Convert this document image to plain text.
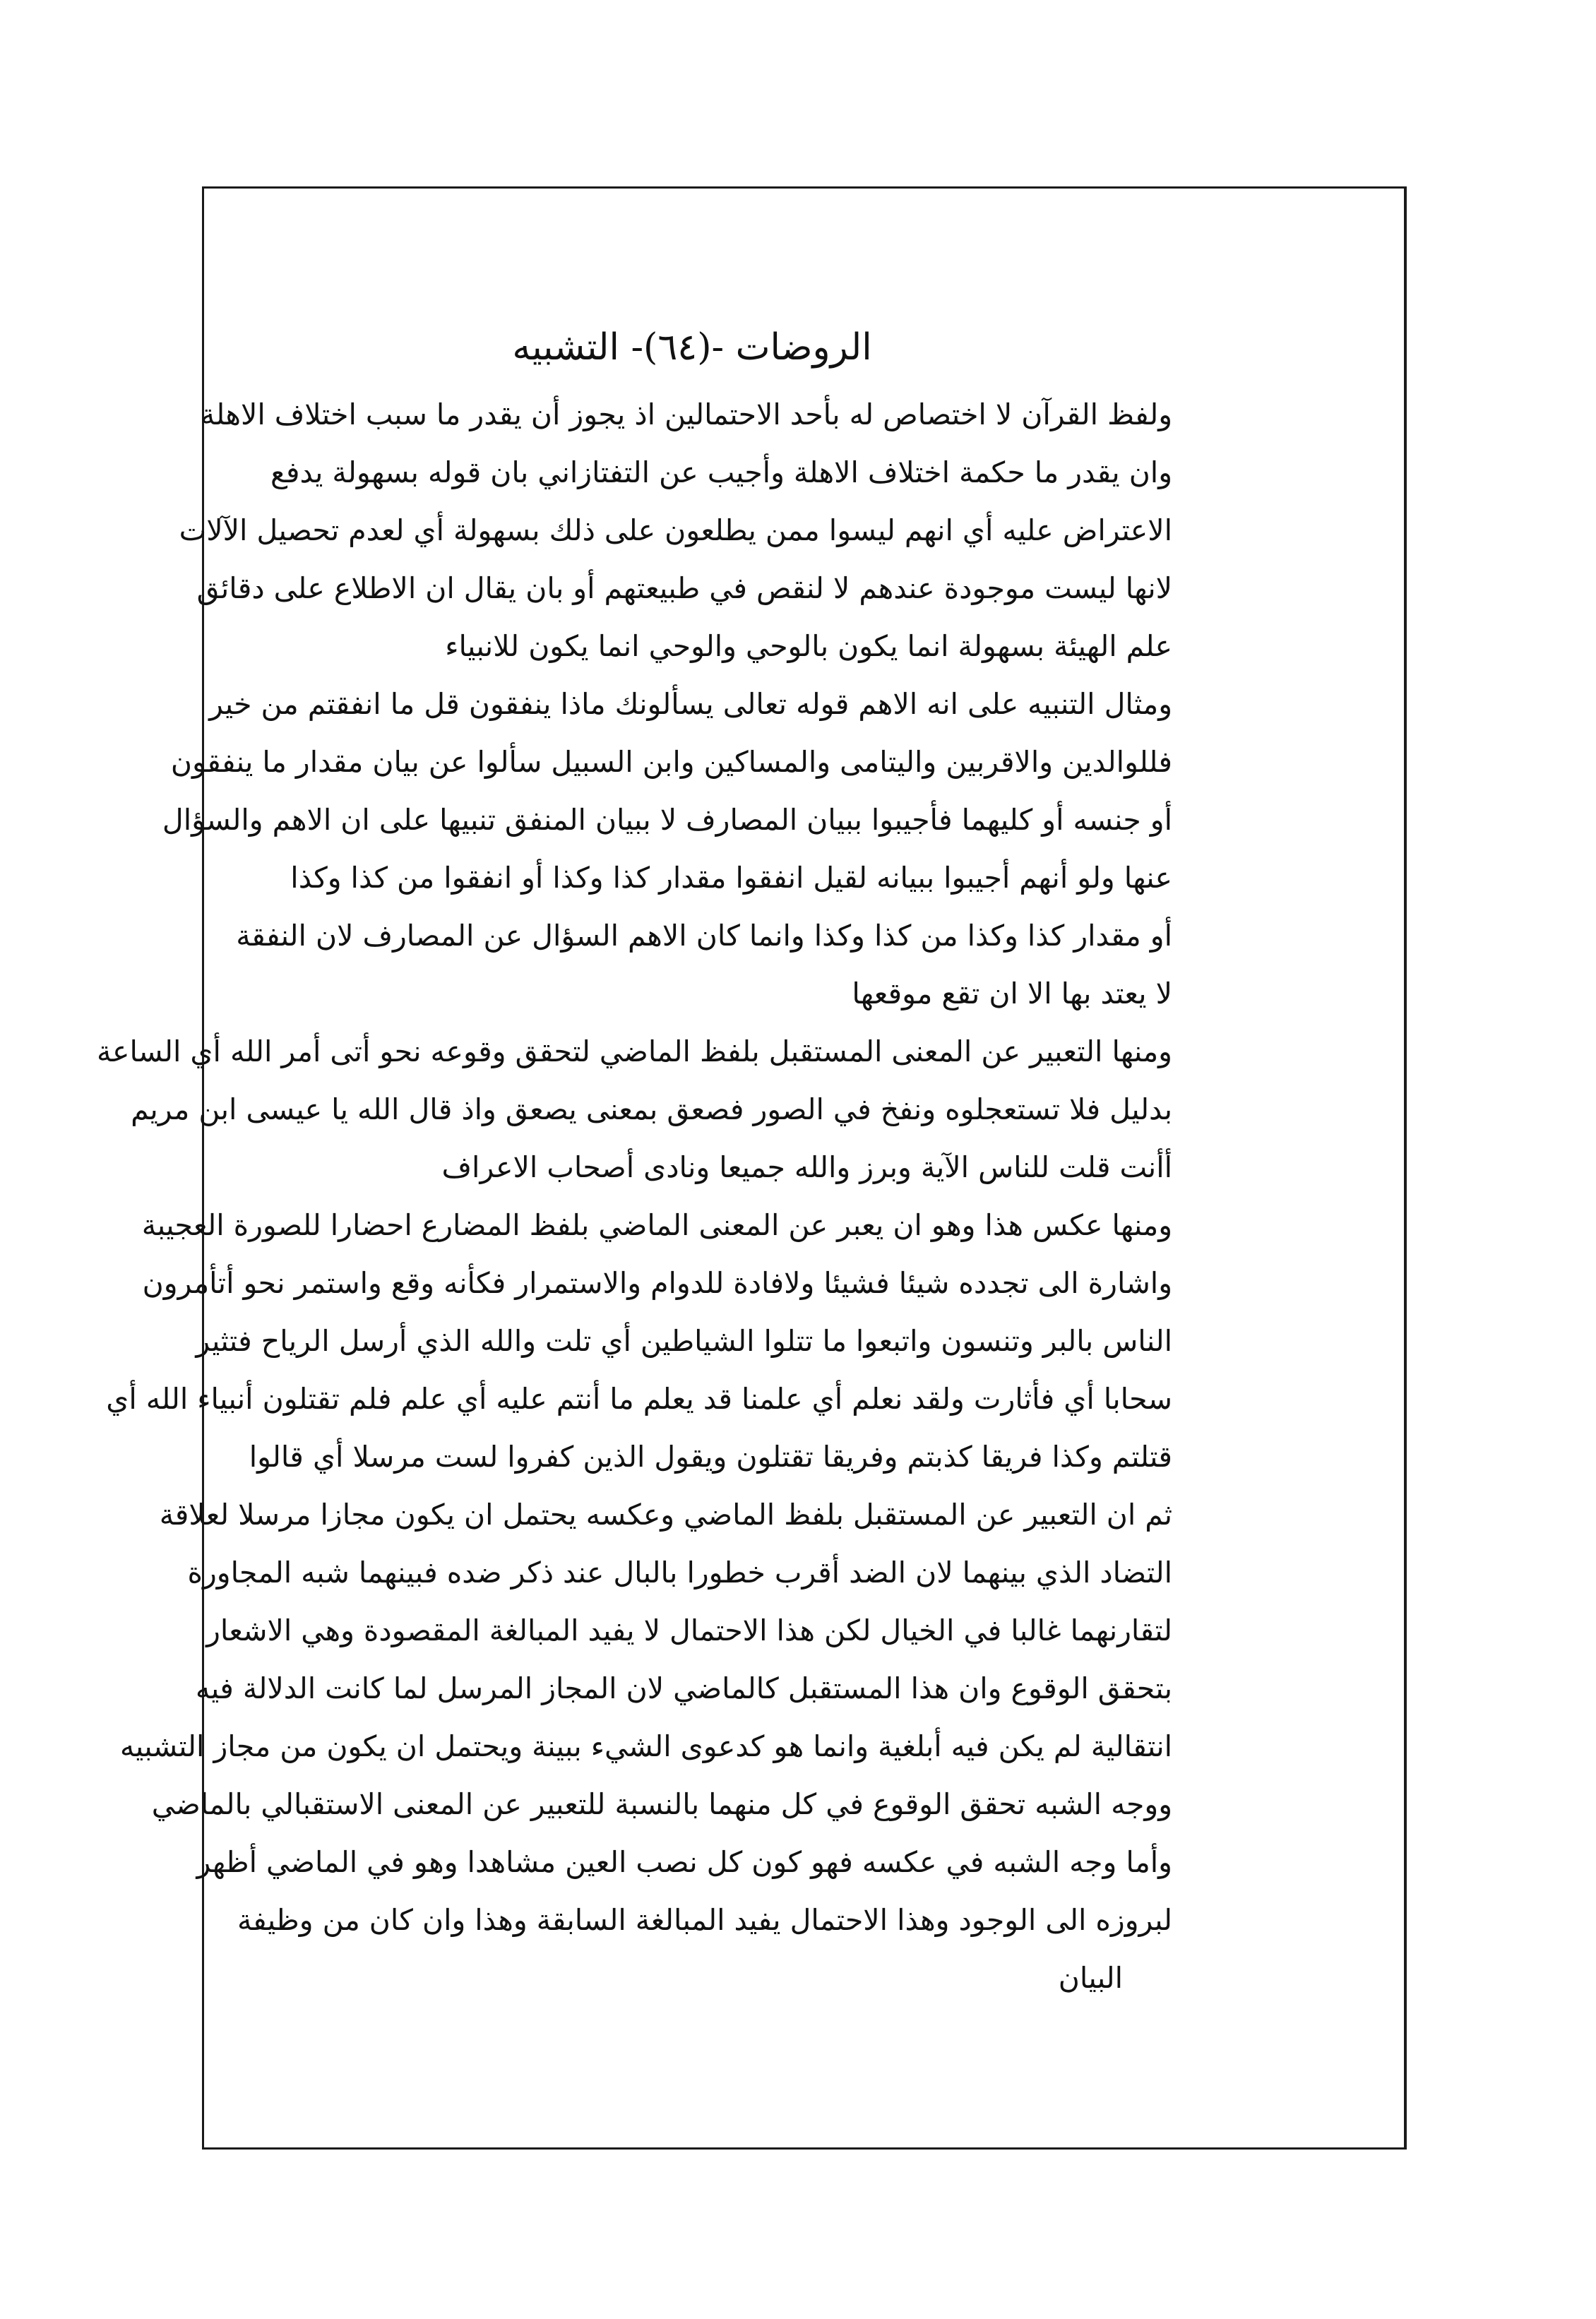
الروضات -(٦٤)- التشبيه
ولفظ القرآن لا اختصاص له بأحد الاحتمالين اذ يجوز أن يقدر ما سبب اختلاف الاهلة
وان يقدر ما حكمة اختلاف الاهلة وأجيب عن التفتازاني بان قوله بسهولة يدفع
الاعتراض عليه أي انهم ليسوا ممن يطلعون على ذلك بسهولة أي لعدم تحصيل الآلات
لانها ليست موجودة عندهم لا لنقص في طبيعتهم أو بان يقال ان الاطلاع على دقائق
علم الهيئة بسهولة انما يكون بالوحي والوحي انما يكون للانبياء
ومثال التنبيه على انه الاهم قوله تعالى يسألونك ماذا ينفقون قل ما انفقتم من خير
فللوالدين والاقربين واليتامى والمساكين وابن السبيل سألوا عن بيان مقدار ما ينفقون
أو جنسه أو كليهما فأجيبوا ببيان المصارف لا ببيان المنفق تنبيها على ان الاهم والسؤال
عنها ولو أنهم أجيبوا ببيانه لقيل انفقوا مقدار كذا وكذا أو انفقوا من كذا وكذا
أو مقدار كذا وكذا من كذا وكذا وانما كان الاهم السؤال عن المصارف لان النفقة
لا يعتد بها الا ان تقع موقعها
ومنها التعبير عن المعنى المستقبل بلفظ الماضي لتحقق وقوعه نحو أتى أمر الله أي الساعة
بدليل فلا تستعجلوه ونفخ في الصور فصعق بمعنى يصعق واذ قال الله يا عيسى ابن مريم
أأنت قلت للناس الآية وبرز والله جميعا ونادى أصحاب الاعراف
ومنها عكس هذا وهو ان يعبر عن المعنى الماضي بلفظ المضارع احضارا للصورة العجيبة
واشارة الى تجدده شيئا فشيئا ولافادة للدوام والاستمرار فكأنه وقع واستمر نحو أتأمرون
الناس بالبر وتنسون واتبعوا ما تتلوا الشياطين أي تلت والله الذي أرسل الرياح فتثير
سحابا أي فأثارت ولقد نعلم أي علمنا قد يعلم ما أنتم عليه أي علم فلم تقتلون أنبياء الله أي
قتلتم وكذا فريقا كذبتم وفريقا تقتلون ويقول الذين كفروا لست مرسلا أي قالوا
ثم ان التعبير عن المستقبل بلفظ الماضي وعكسه يحتمل ان يكون مجازا مرسلا لعلاقة
التضاد الذي بينهما لان الضد أقرب خطورا بالبال عند ذكر ضده فبينهما شبه المجاورة
لتقارنهما غالبا في الخيال لكن هذا الاحتمال لا يفيد المبالغة المقصودة وهي الاشعار
بتحقق الوقوع وان هذا المستقبل كالماضي لان المجاز المرسل لما كانت الدلالة فيه
انتقالية لم يكن فيه أبلغية وانما هو كدعوى الشيء ببينة ويحتمل ان يكون من مجاز التشبيه
ووجه الشبه تحقق الوقوع في كل منهما بالنسبة للتعبير عن المعنى الاستقبالي بالماضي
وأما وجه الشبه في عكسه فهو كون كل نصب العين مشاهدا وهو في الماضي أظهر
لبروزه الى الوجود وهذا الاحتمال يفيد المبالغة السابقة وهذا وان كان من وظيفة
البيان
